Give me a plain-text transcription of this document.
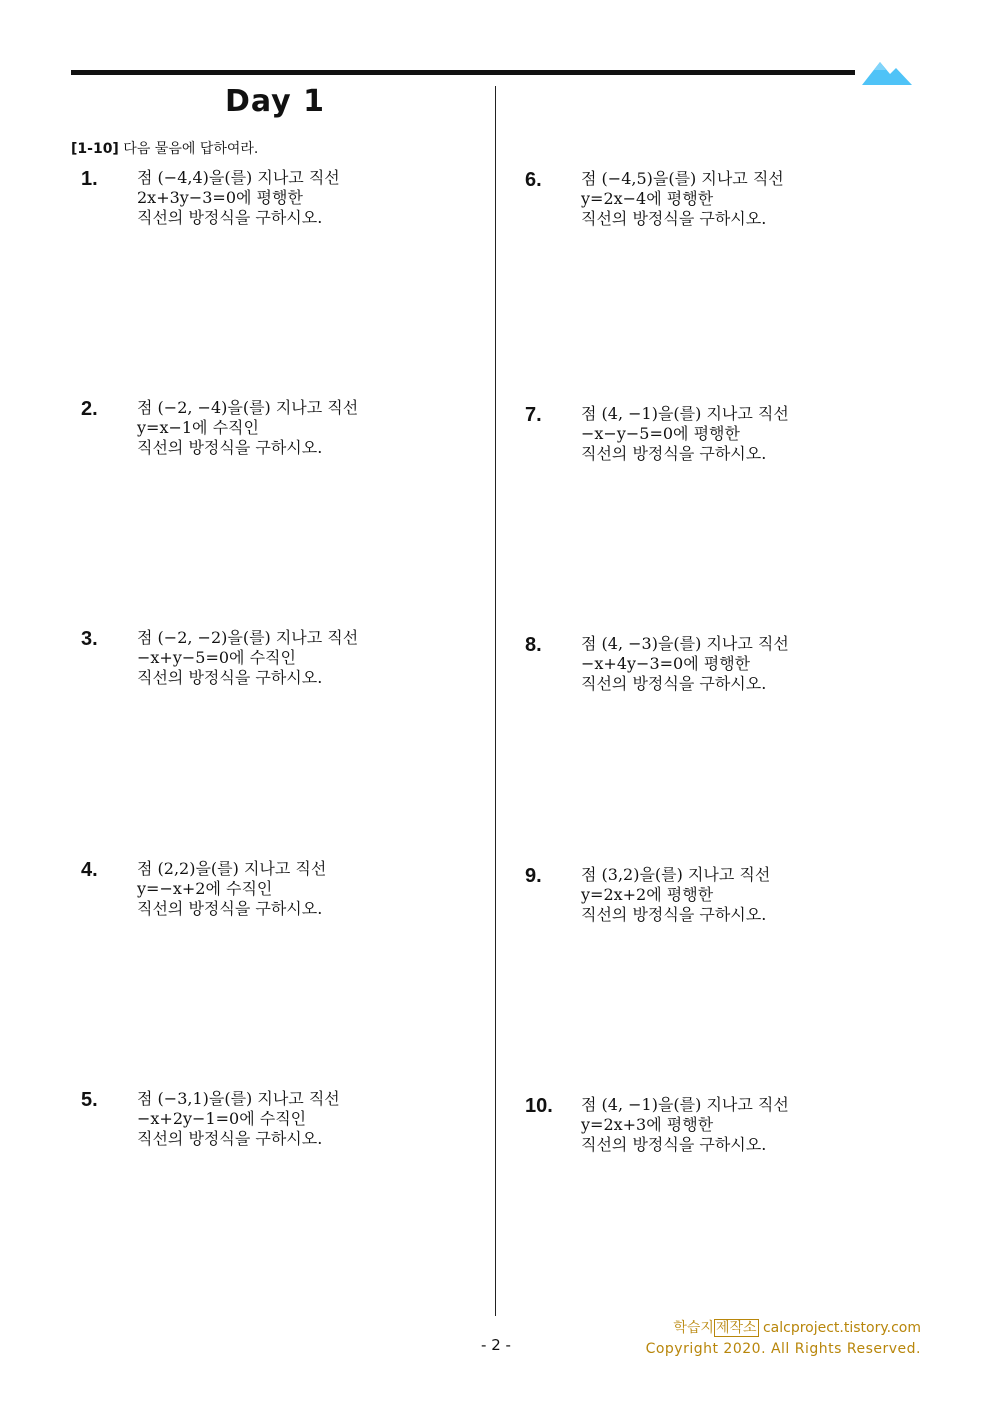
Day 1
[1-10] 다음 물음에 답하여라.
1. 점 (−4,4)을(를) 지나고 직선
2x+3y−3=0에 평행한
직선의 방정식을 구하시오.
2. 점 (−2, −4)을(를) 지나고 직선
y=x−1에 수직인
직선의 방정식을 구하시오.
3. 점 (−2, −2)을(를) 지나고 직선
−x+y−5=0에 수직인
직선의 방정식을 구하시오.
4. 점 (2,2)을(를) 지나고 직선
y=−x+2에 수직인
직선의 방정식을 구하시오.
5. 점 (−3,1)을(를) 지나고 직선
−x+2y−1=0에 수직인
직선의 방정식을 구하시오.
6. 점 (−4,5)을(를) 지나고 직선
y=2x−4에 평행한
직선의 방정식을 구하시오.
7. 점 (4, −1)을(를) 지나고 직선
−x−y−5=0에 평행한
직선의 방정식을 구하시오.
8. 점 (4, −3)을(를) 지나고 직선
−x+4y−3=0에 평행한
직선의 방정식을 구하시오.
9. 점 (3,2)을(를) 지나고 직선
y=2x+2에 평행한
직선의 방정식을 구하시오.
10. 점 (4, −1)을(를) 지나고 직선
y=2x+3에 평행한
직선의 방정식을 구하시오.
학습지 제작소 calcproject.tistory.com
Copyright 2020. All Rights Reserved.
- 2 -
